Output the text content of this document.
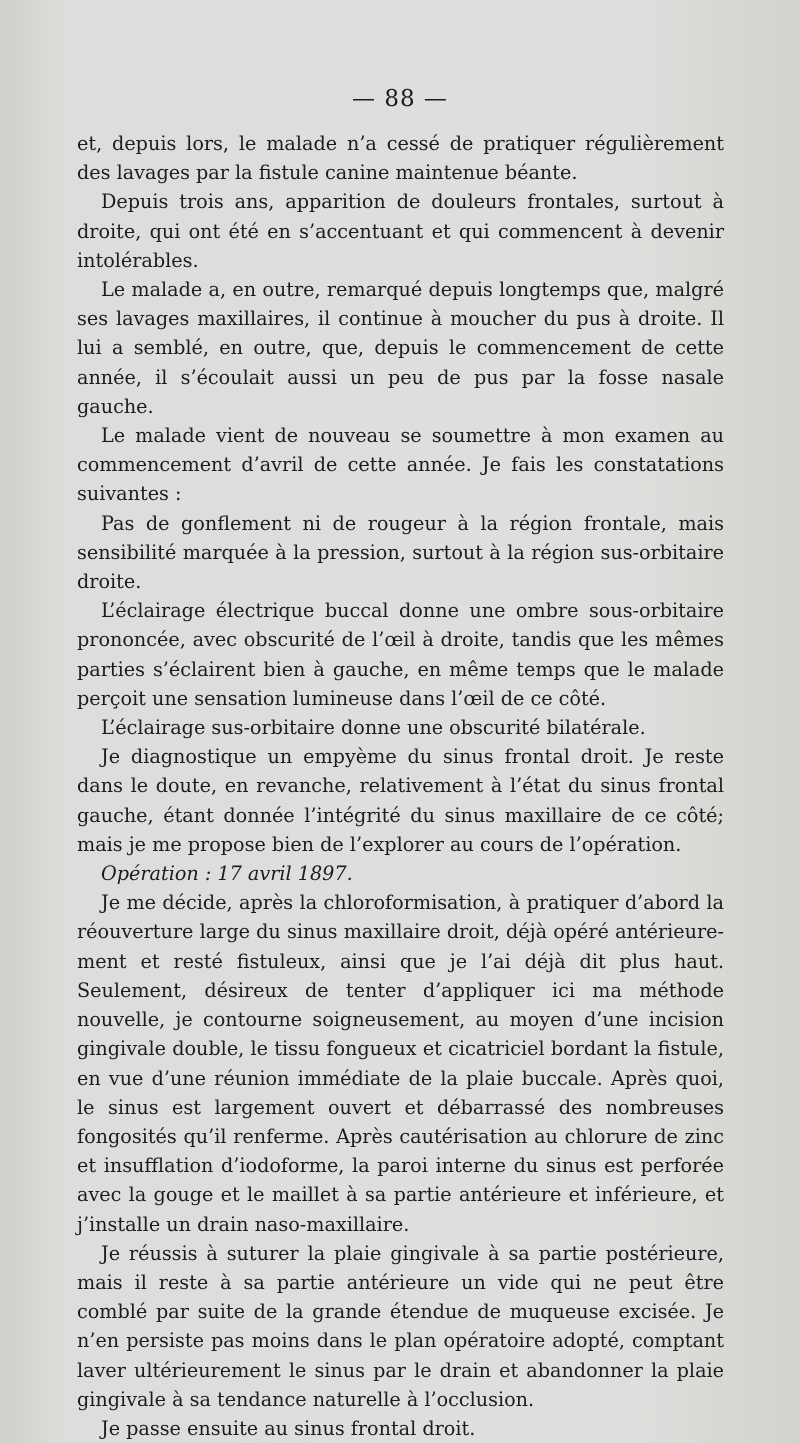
— 88 —

et, depuis lors, le malade n’a cessé de pratiquer régulièrement des lavages par la fistule canine maintenue béante.

Depuis trois ans, apparition de douleurs frontales, surtout à droite, qui ont été en s’accentuant et qui commencent à devenir intolérables.

Le malade a, en outre, remarqué depuis longtemps que, malgré ses lavages maxillaires, il continue à moucher du pus à droite. Il lui a semblé, en outre, que, depuis le commencement de cette année, il s’écoulait aussi un peu de pus par la fosse nasale gauche.

Le malade vient de nouveau se soumettre à mon examen au commencement d’avril de cette année. Je fais les constatations suivantes :

Pas de gonflement ni de rougeur à la région frontale, mais sensibilité marquée à la pression, surtout à la région sus-orbitaire droite.

L’éclairage électrique buccal donne une ombre sous-orbitaire prononcée, avec obscurité de l’œil à droite, tandis que les mêmes parties s’éclairent bien à gauche, en même temps que le malade perçoit une sensation lumineuse dans l’œil de ce côté.

L’éclairage sus-orbitaire donne une obscurité bilatérale.

Je diagnostique un empyème du sinus frontal droit. Je reste dans le doute, en revanche, relativement à l’état du sinus frontal gauche, étant donnée l’intégrité du sinus maxillaire de ce côté; mais je me propose bien de l’explorer au cours de l’opération.

Opération : 17 avril 1897.

Je me décide, après la chloroformisation, à pratiquer d’abord la réouverture large du sinus maxillaire droit, déjà opéré antérieurement et resté fistuleux, ainsi que je l’ai déjà dit plus haut. Seulement, désireux de tenter d’appliquer ici ma méthode nouvelle, je contourne soigneusement, au moyen d’une incision gingivale double, le tissu fongueux et cicatriciel bordant la fistule, en vue d’une réunion immédiate de la plaie buccale. Après quoi, le sinus est largement ouvert et débarrassé des nombreuses fongosités qu’il renferme. Après cautérisation au chlorure de zinc et insufflation d’iodoforme, la paroi interne du sinus est perforée avec la gouge et le maillet à sa partie antérieure et inférieure, et j’installe un drain naso-maxillaire.

Je réussis à suturer la plaie gingivale à sa partie postérieure, mais il reste à sa partie antérieure un vide qui ne peut être comblé par suite de la grande étendue de muqueuse excisée. Je n’en persiste pas moins dans le plan opératoire adopté, comptant laver ultérieurement le sinus par le drain et abandonner la plaie gingivale à sa tendance naturelle à l’occlusion.

Je passe ensuite au sinus frontal droit.
